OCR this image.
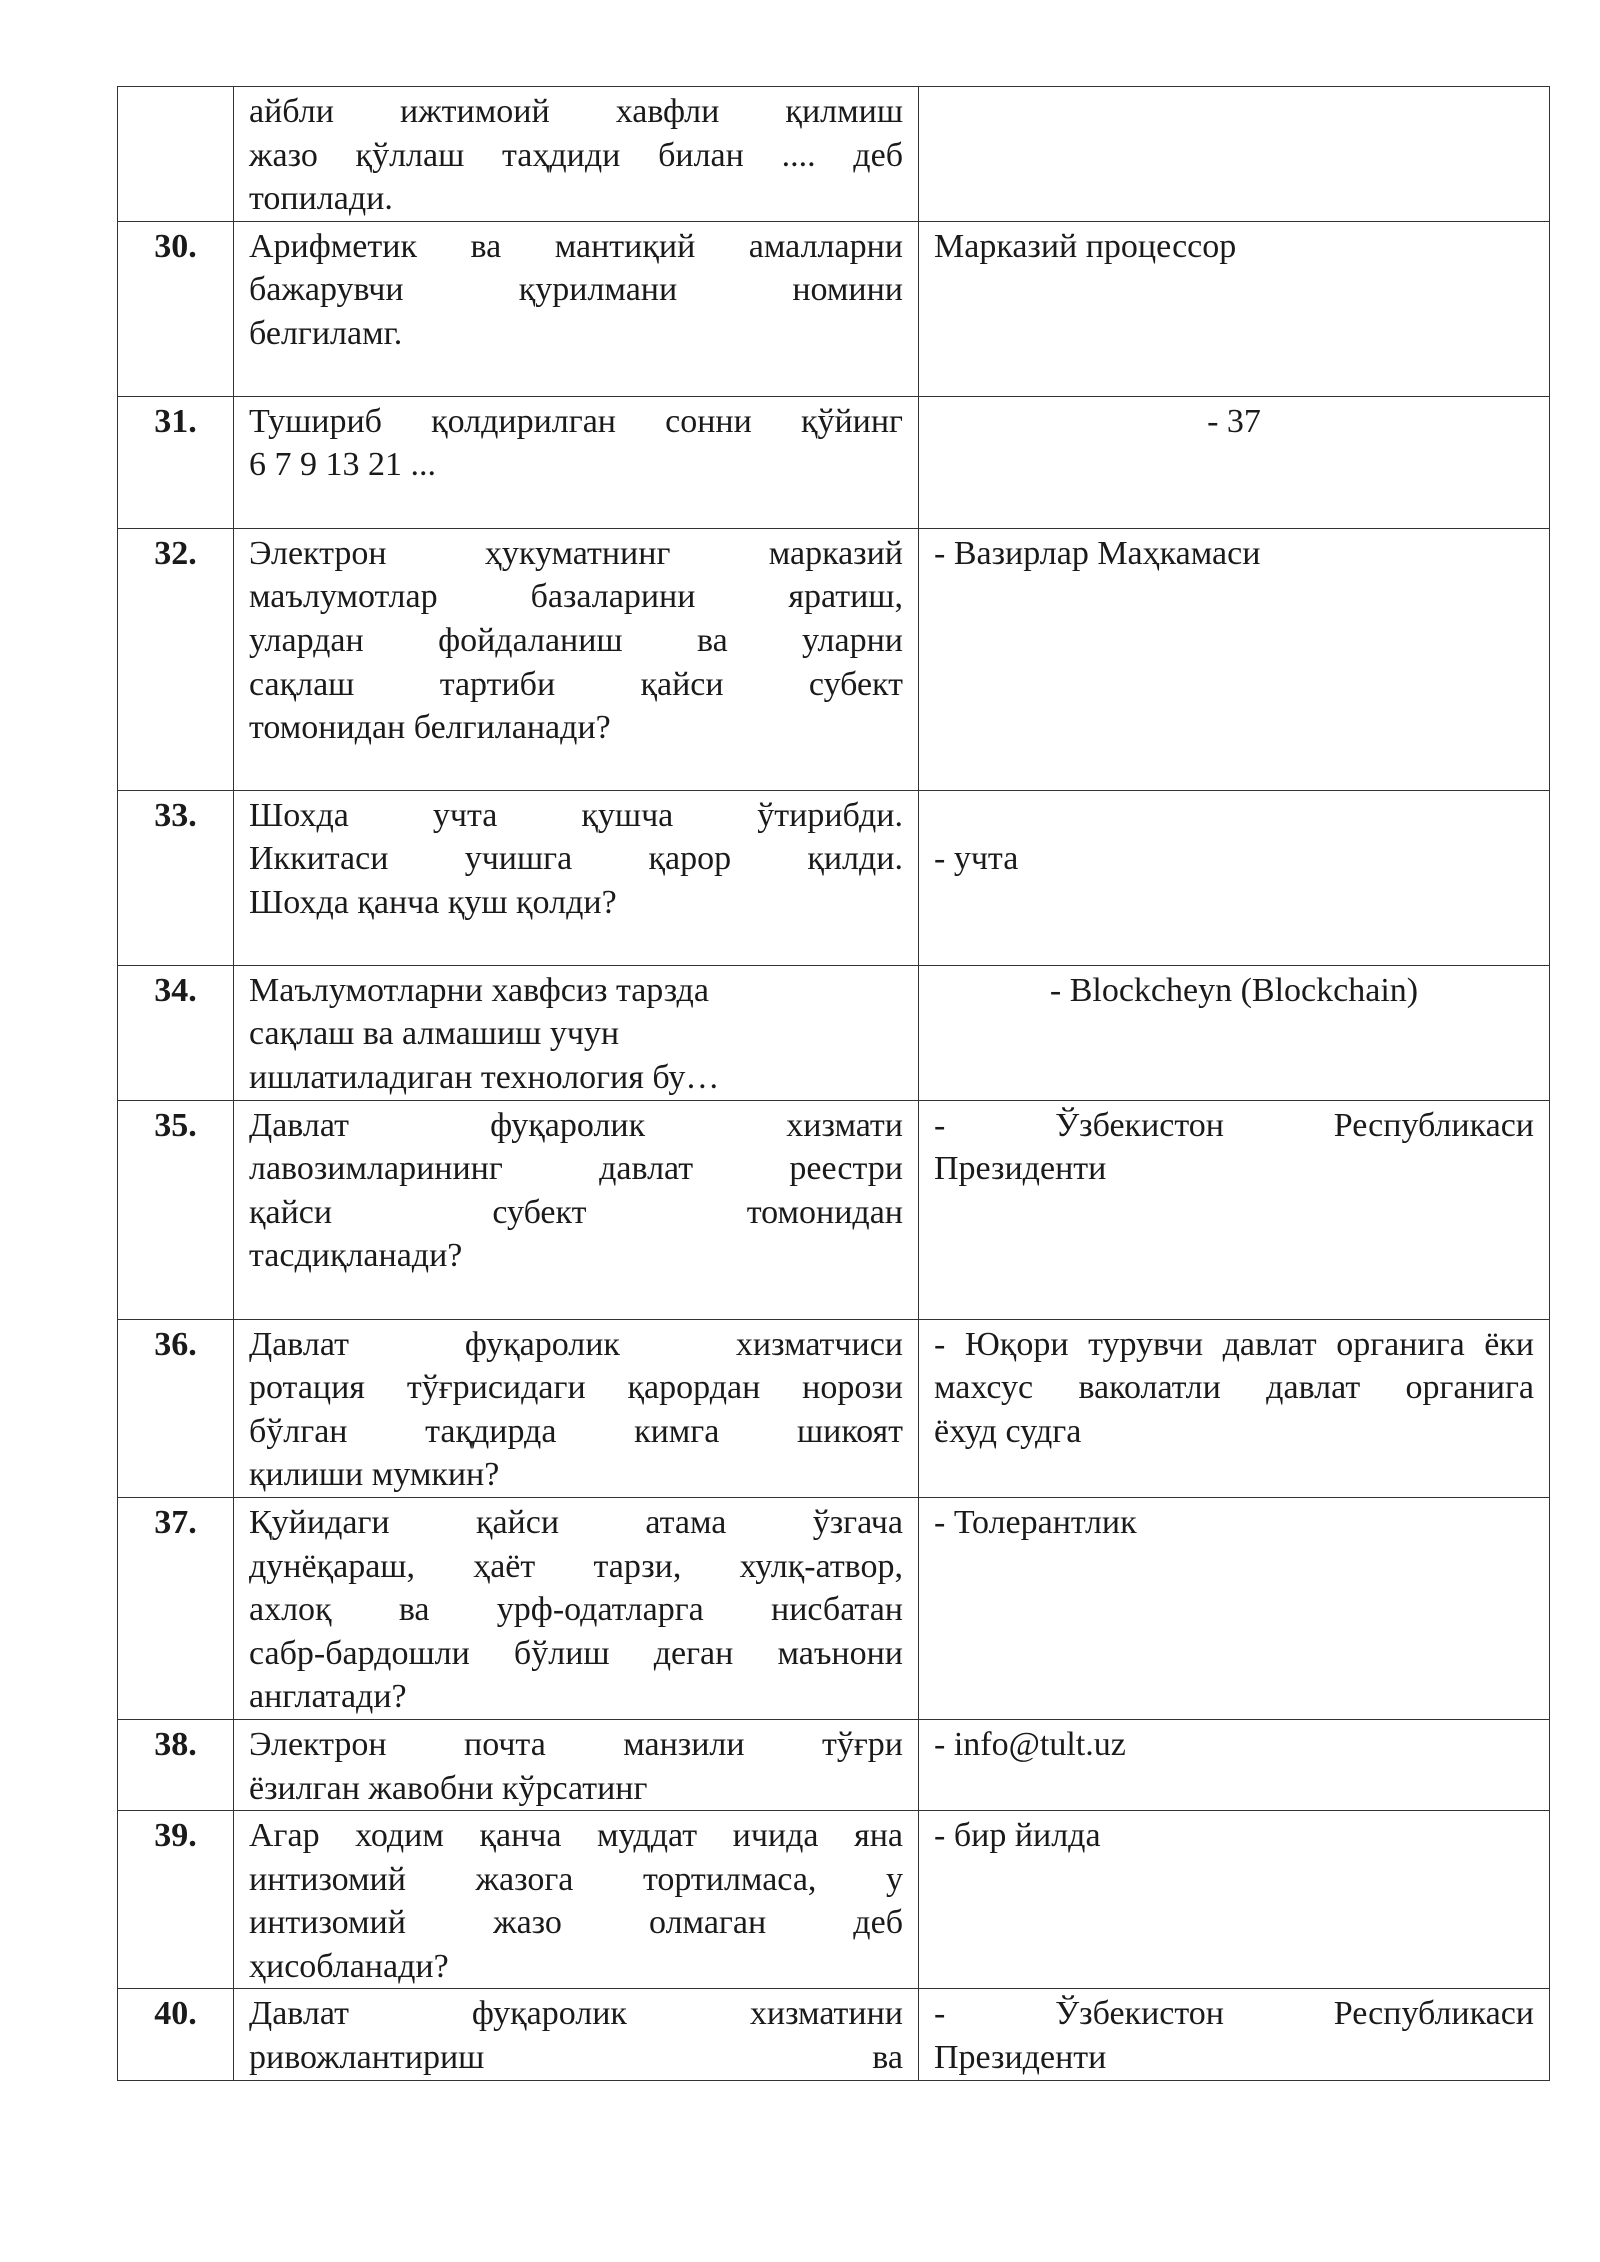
	айбли ижтимоий хавфли қилмиш
жазо қўллаш таҳдиди билан .... деб
топилади.	

30.	Арифметик ва мантиқий амалларни
бажарувчи қурилмани номини
белгиламг.	Марказий процессор

31.	Тушириб қолдирилган сонни қўйинг
6 7 9 13 21 ...	- 37

32.	Электрон ҳукуматнинг марказий
маълумотлар базаларини яратиш,
улардан фойдаланиш ва уларни
сақлаш тартиби қайси субект
томонидан белгиланади?	- Вазирлар Маҳкамаси

33.	Шохда учта қушча ўтирибди.
Иккитаси учишга қарор қилди.
Шохда қанча қуш қолди?	- учта

34.	Маълумотларни хавфсиз тарзда
сақлаш ва алмашиш учун
ишлатиладиган технология бу…	- Blockcheyn (Blockchain)

35.	Давлат фуқаролик хизмати
лавозимларининг давлат реестри
қайси субект томонидан
тасдиқланади?	- Ўзбекистон Республикаси
Президенти

36.	Давлат фуқаролик хизматчиси
ротация тўғрисидаги қарордан норози
бўлган тақдирда кимга шикоят
қилиши мумкин?	- Юқори турувчи давлат органига ёки
махсус ваколатли давлат органига
ёхуд судга

37.	Қуйидаги қайси атама ўзгача
дунёқараш, ҳаёт тарзи, хулқ-атвор,
ахлоқ ва урф-одатларга нисбатан
сабр-бардошли бўлиш деган маънони
англатади?	- Толерантлик

38.	Электрон почта манзили тўғри
ёзилган жавобни кўрсатинг	- info@tult.uz

39.	Агар ходим қанча муддат ичида яна
интизомий жазога тортилмаса, у
интизомий жазо олмаган деб
ҳисобланади?	- бир йилда

40.	Давлат фуқаролик хизматини
ривожлантириш ва	- Ўзбекистон Республикаси
Президенти
